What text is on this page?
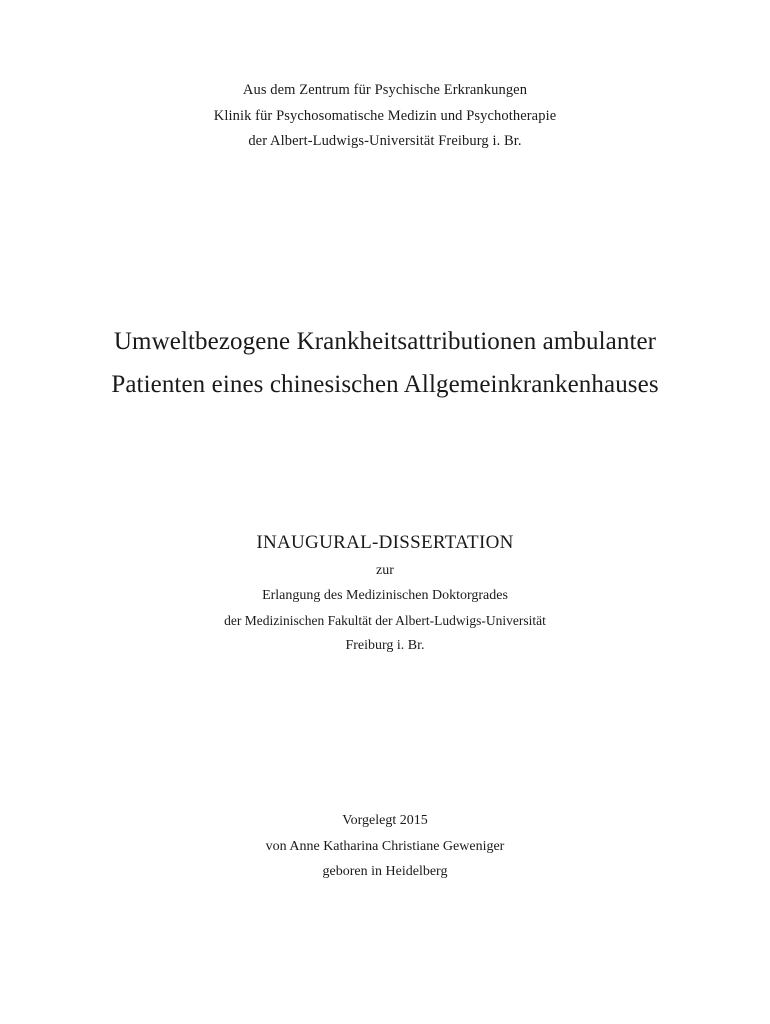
Aus dem Zentrum für Psychische Erkrankungen
Klinik für Psychosomatische Medizin und Psychotherapie
der Albert-Ludwigs-Universität Freiburg i. Br.
Umweltbezogene Krankheitsattributionen ambulanter
Patienten eines chinesischen Allgemeinkrankenhauses
INAUGURAL-DISSERTATION
zur
Erlangung des Medizinischen Doktorgrades
der Medizinischen Fakultät der Albert-Ludwigs-Universität
Freiburg i. Br.
Vorgelegt 2015
von Anne Katharina Christiane Geweniger
geboren in Heidelberg
